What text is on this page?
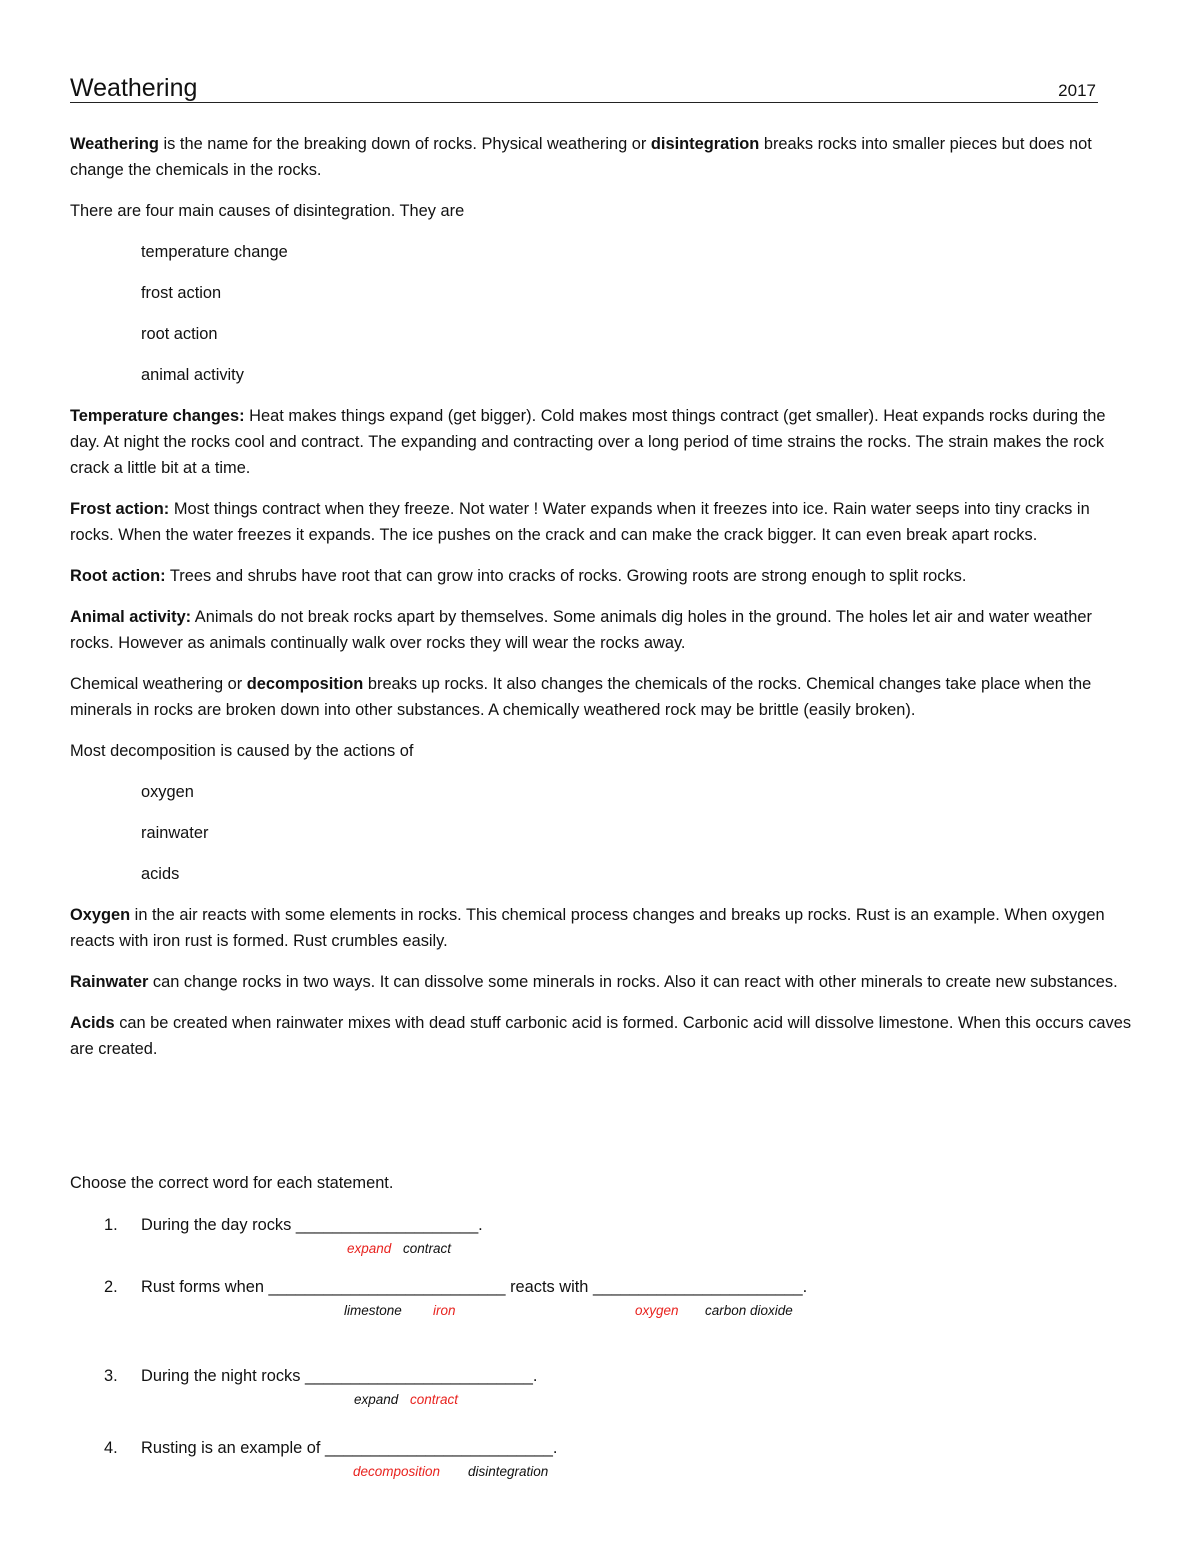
Weathering	2017

Weathering is the name for the breaking down of rocks. Physical weathering or disintegration breaks rocks into smaller pieces but does not change the chemicals in the rocks.

There are four main causes of disintegration. They are

temperature change

frost action

root action

animal activity

Temperature changes: Heat makes things expand (get bigger). Cold makes most things contract (get smaller). Heat expands rocks during the day. At night the rocks cool and contract. The expanding and contracting over a long period of time strains the rocks. The strain makes the rock crack a little bit at a time.

Frost action: Most things contract when they freeze. Not water ! Water expands when it freezes into ice. Rain water seeps into tiny cracks in rocks. When the water freezes it expands. The ice pushes on the crack and can make the crack bigger. It can even break apart rocks.

Root action: Trees and shrubs have root that can grow into cracks of rocks. Growing roots are strong enough to split rocks.

Animal activity: Animals do not break rocks apart by themselves. Some animals dig holes in the ground. The holes let air and water weather rocks. However as animals continually walk over rocks they will wear the rocks away.

Chemical weathering or decomposition breaks up rocks. It also changes the chemicals of the rocks. Chemical changes take place when the minerals in rocks are broken down into other substances. A chemically weathered rock may be brittle (easily broken).

Most decomposition is caused by the actions of

oxygen

rainwater

acids

Oxygen in the air reacts with some elements in rocks. This chemical process changes and breaks up rocks. Rust is an example. When oxygen reacts with iron rust is formed. Rust crumbles easily.

Rainwater can change rocks in two ways. It can dissolve some minerals in rocks. Also it can react with other minerals to create new substances.

Acids can be created when rainwater mixes with dead stuff carbonic acid is formed. Carbonic acid will dissolve limestone. When this occurs caves are created.

Choose the correct word for each statement.

1. During the day rocks ____________________.
expand contract
2. Rust forms when __________________________ reacts with _______________________.
limestone iron	oxygen carbon dioxide
3. During the night rocks _________________________.
expand contract
4. Rusting is an example of _________________________.
decomposition disintegration
